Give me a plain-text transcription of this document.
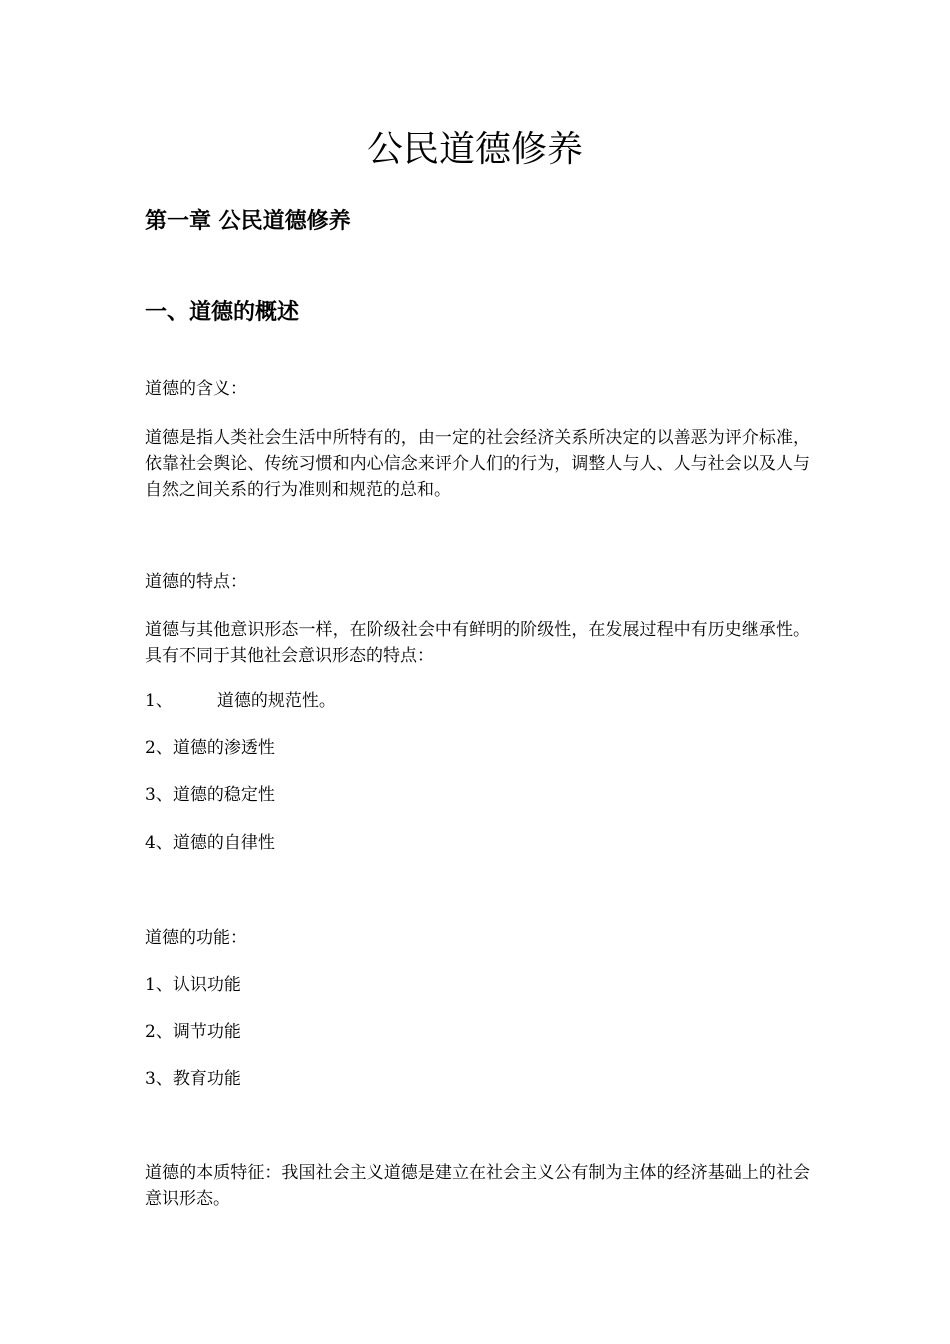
公民道德修养
第一章 公民道德修养
一、道德的概述

道德的含义：

道德是指人类社会生活中所特有的，由一定的社会经济关系所决定的以善恶为评介标准，依靠社会舆论、传统习惯和内心信念来评介人们的行为，调整人与人、人与社会以及人与自然之间关系的行为准则和规范的总和。

道德的特点：

道德与其他意识形态一样，在阶级社会中有鲜明的阶级性，在发展过程中有历史继承性。具有不同于其他社会意识形态的特点：

1、	道德的规范性。

2、道德的渗透性

3、道德的稳定性

4、道德的自律性

道德的功能：

1、认识功能

2、调节功能

3、教育功能

道德的本质特征：我国社会主义道德是建立在社会主义公有制为主体的经济基础上的社会意识形态。
